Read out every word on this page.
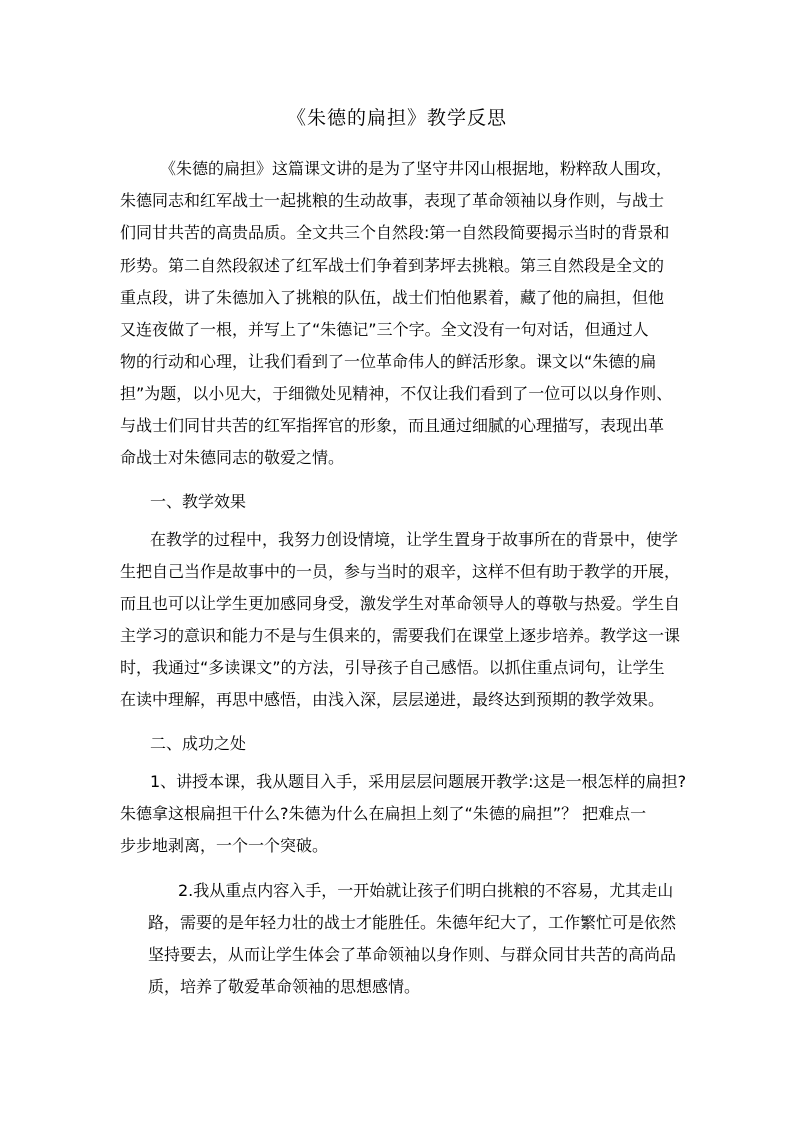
《朱德的扁担》教学反思
《朱德的扁担》这篇课文讲的是为了坚守井冈山根据地，粉粹敌人围攻，
朱德同志和红军战士一起挑粮的生动故事，表现了革命领袖以身作则，与战士
们同甘共苦的高贵品质。全文共三个自然段:第一自然段简要揭示当时的背景和
形势。第二自然段叙述了红军战士们争着到茅坪去挑粮。第三自然段是全文的
重点段，讲了朱德加入了挑粮的队伍，战士们怕他累着，藏了他的扁担，但他
又连夜做了一根，并写上了“朱德记”三个字。全文没有一句对话，但通过人
物的行动和心理，让我们看到了一位革命伟人的鲜活形象。课文以“朱德的扁
担”为题，以小见大，于细微处见精神，不仅让我们看到了一位可以以身作则、
与战士们同甘共苦的红军指挥官的形象，而且通过细腻的心理描写，表现出革
命战士对朱德同志的敬爱之情。
一、教学效果
在教学的过程中，我努力创设情境，让学生置身于故事所在的背景中，使学
生把自己当作是故事中的一员，参与当时的艰辛，这样不但有助于教学的开展，
而且也可以让学生更加感同身受，激发学生对革命领导人的尊敬与热爱。学生自
主学习的意识和能力不是与生俱来的，需要我们在课堂上逐步培养。教学这一课
时，我通过“多读课文”的方法，引导孩子自己感悟。以抓住重点词句，让学生
在读中理解，再思中感悟，由浅入深，层层递进，最终达到预期的教学效果。
二、成功之处
1、讲授本课，我从题目入手，采用层层问题展开教学:这是一根怎样的扁担?
朱德拿这根扁担干什么?朱德为什么在扁担上刻了“朱德的扁担”？ 把难点一
步步地剥离，一个一个突破。
2.我从重点内容入手，一开始就让孩子们明白挑粮的不容易，尤其走山
路，需要的是年轻力壮的战士才能胜任。朱德年纪大了，工作繁忙可是依然
坚持要去，从而让学生体会了革命领袖以身作则、与群众同甘共苦的高尚品
质，培养了敬爱革命领袖的思想感情。
